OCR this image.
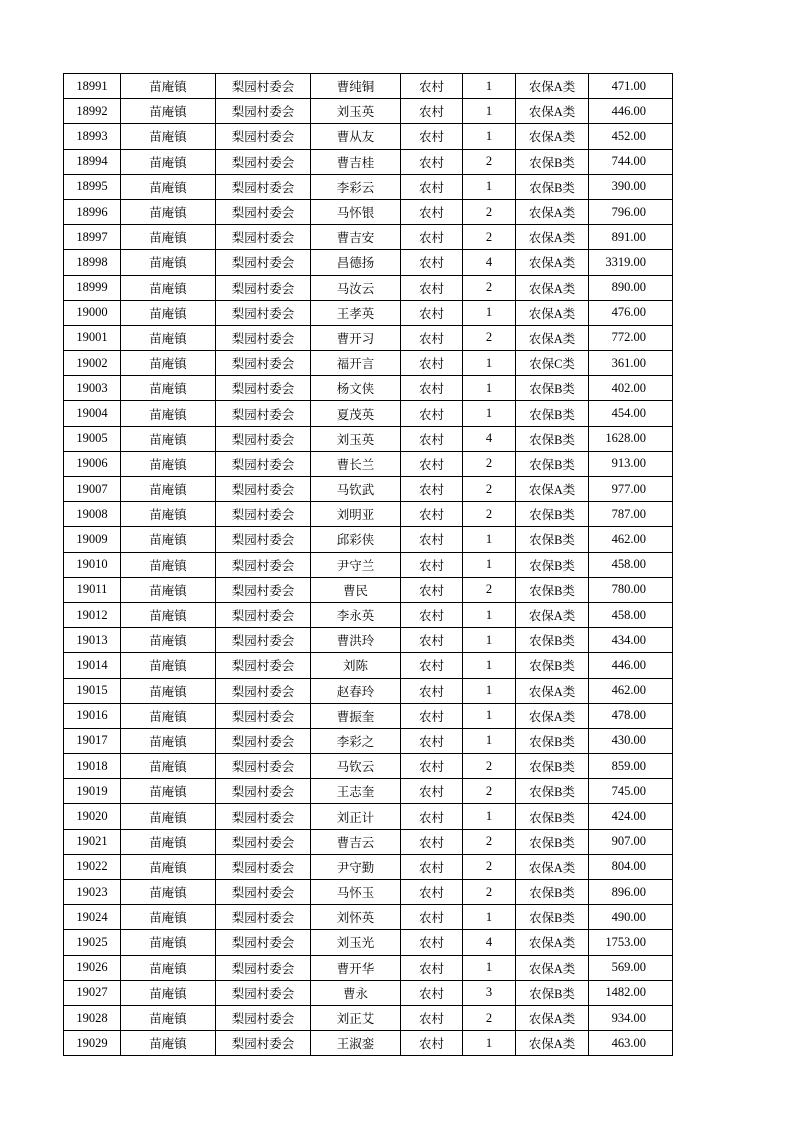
18991	苗庵镇	梨园村委会	曹纯铜	农村	1	农保A类	471.00
18992	苗庵镇	梨园村委会	刘玉英	农村	1	农保A类	446.00
18993	苗庵镇	梨园村委会	曹从友	农村	1	农保A类	452.00
18994	苗庵镇	梨园村委会	曹吉桂	农村	2	农保B类	744.00
18995	苗庵镇	梨园村委会	李彩云	农村	1	农保B类	390.00
18996	苗庵镇	梨园村委会	马怀银	农村	2	农保A类	796.00
18997	苗庵镇	梨园村委会	曹吉安	农村	2	农保A类	891.00
18998	苗庵镇	梨园村委会	昌德扬	农村	4	农保A类	3319.00
18999	苗庵镇	梨园村委会	马汝云	农村	2	农保A类	890.00
19000	苗庵镇	梨园村委会	王孝英	农村	1	农保A类	476.00
19001	苗庵镇	梨园村委会	曹开习	农村	2	农保A类	772.00
19002	苗庵镇	梨园村委会	福开言	农村	1	农保C类	361.00
19003	苗庵镇	梨园村委会	杨文侠	农村	1	农保B类	402.00
19004	苗庵镇	梨园村委会	夏茂英	农村	1	农保B类	454.00
19005	苗庵镇	梨园村委会	刘玉英	农村	4	农保B类	1628.00
19006	苗庵镇	梨园村委会	曹长兰	农村	2	农保B类	913.00
19007	苗庵镇	梨园村委会	马钦武	农村	2	农保A类	977.00
19008	苗庵镇	梨园村委会	刘明亚	农村	2	农保B类	787.00
19009	苗庵镇	梨园村委会	邱彩侠	农村	1	农保B类	462.00
19010	苗庵镇	梨园村委会	尹守兰	农村	1	农保B类	458.00
19011	苗庵镇	梨园村委会	曹民	农村	2	农保B类	780.00
19012	苗庵镇	梨园村委会	李永英	农村	1	农保A类	458.00
19013	苗庵镇	梨园村委会	曹洪玲	农村	1	农保B类	434.00
19014	苗庵镇	梨园村委会	刘陈	农村	1	农保B类	446.00
19015	苗庵镇	梨园村委会	赵春玲	农村	1	农保A类	462.00
19016	苗庵镇	梨园村委会	曹振奎	农村	1	农保A类	478.00
19017	苗庵镇	梨园村委会	李彩之	农村	1	农保B类	430.00
19018	苗庵镇	梨园村委会	马钦云	农村	2	农保B类	859.00
19019	苗庵镇	梨园村委会	王志奎	农村	2	农保B类	745.00
19020	苗庵镇	梨园村委会	刘正计	农村	1	农保B类	424.00
19021	苗庵镇	梨园村委会	曹吉云	农村	2	农保B类	907.00
19022	苗庵镇	梨园村委会	尹守勤	农村	2	农保A类	804.00
19023	苗庵镇	梨园村委会	马怀玉	农村	2	农保B类	896.00
19024	苗庵镇	梨园村委会	刘怀英	农村	1	农保B类	490.00
19025	苗庵镇	梨园村委会	刘玉光	农村	4	农保A类	1753.00
19026	苗庵镇	梨园村委会	曹开华	农村	1	农保A类	569.00
19027	苗庵镇	梨园村委会	曹永	农村	3	农保B类	1482.00
19028	苗庵镇	梨园村委会	刘正艾	农村	2	农保A类	934.00
19029	苗庵镇	梨园村委会	王淑銮	农村	1	农保A类	463.00
